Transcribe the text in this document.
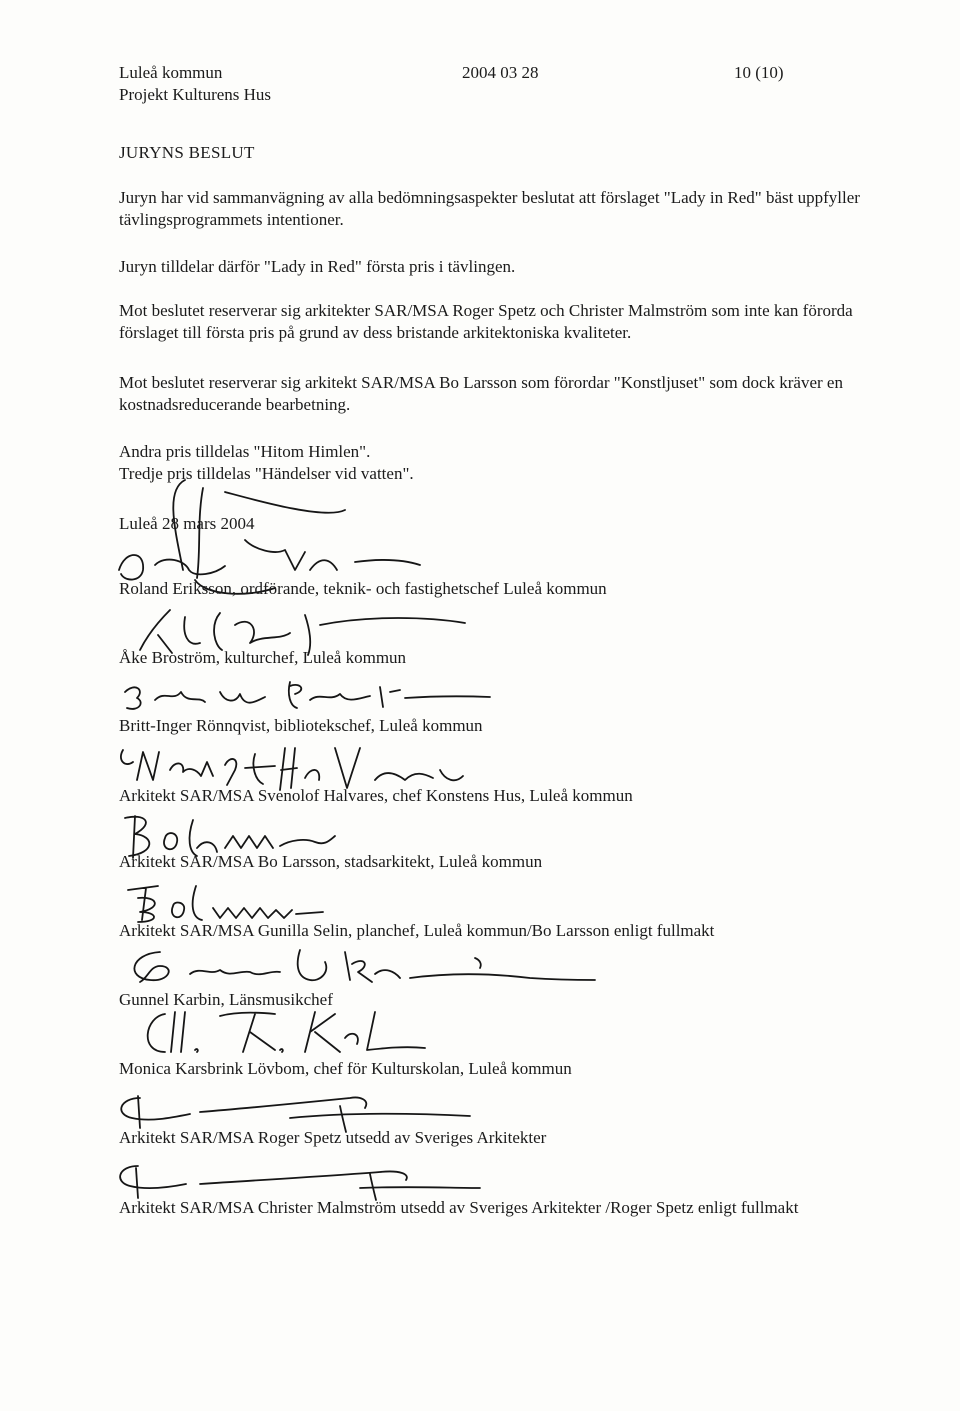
Luleå kommun
Projekt Kulturens Hus
2004 03 28	10 (10)
JURYNS BESLUT
Juryn har vid sammanvägning av alla bedömningsaspekter beslutat att förslaget "Lady in Red" bäst uppfyller tävlingsprogrammets intentioner.
Juryn tilldelar därför "Lady in Red" första pris i tävlingen.
Mot beslutet reserverar sig arkitekter SAR/MSA Roger Spetz och Christer Malmström som inte kan förorda förslaget till första pris på grund av dess bristande arkitektoniska kvaliteter.
Mot beslutet reserverar sig arkitekt SAR/MSA Bo Larsson som förordar "Konstljuset" som dock kräver en kostnadsreducerande bearbetning.
Andra pris tilldelas "Hitom Himlen".
Tredje pris tilldelas "Händelser vid vatten".
Luleå 28 mars 2004
Roland Eriksson, ordförande, teknik- och fastighetschef Luleå kommun
Åke Broström, kulturchef, Luleå kommun
Britt-Inger Rönnqvist, bibliotekschef, Luleå kommun
Arkitekt SAR/MSA Svenolof Halvares, chef Konstens Hus, Luleå kommun
Arkitekt SAR/MSA Bo Larsson, stadsarkitekt, Luleå kommun
Arkitekt SAR/MSA Gunilla Selin, planchef, Luleå kommun/Bo Larsson enligt fullmakt
Gunnel Karbin, Länsmusikchef
Monica Karsbrink Lövbom, chef för Kulturskolan, Luleå kommun
Arkitekt SAR/MSA Roger Spetz utsedd av Sveriges Arkitekter
Arkitekt SAR/MSA Christer Malmström utsedd av Sveriges Arkitekter /Roger Spetz enligt fullmakt
